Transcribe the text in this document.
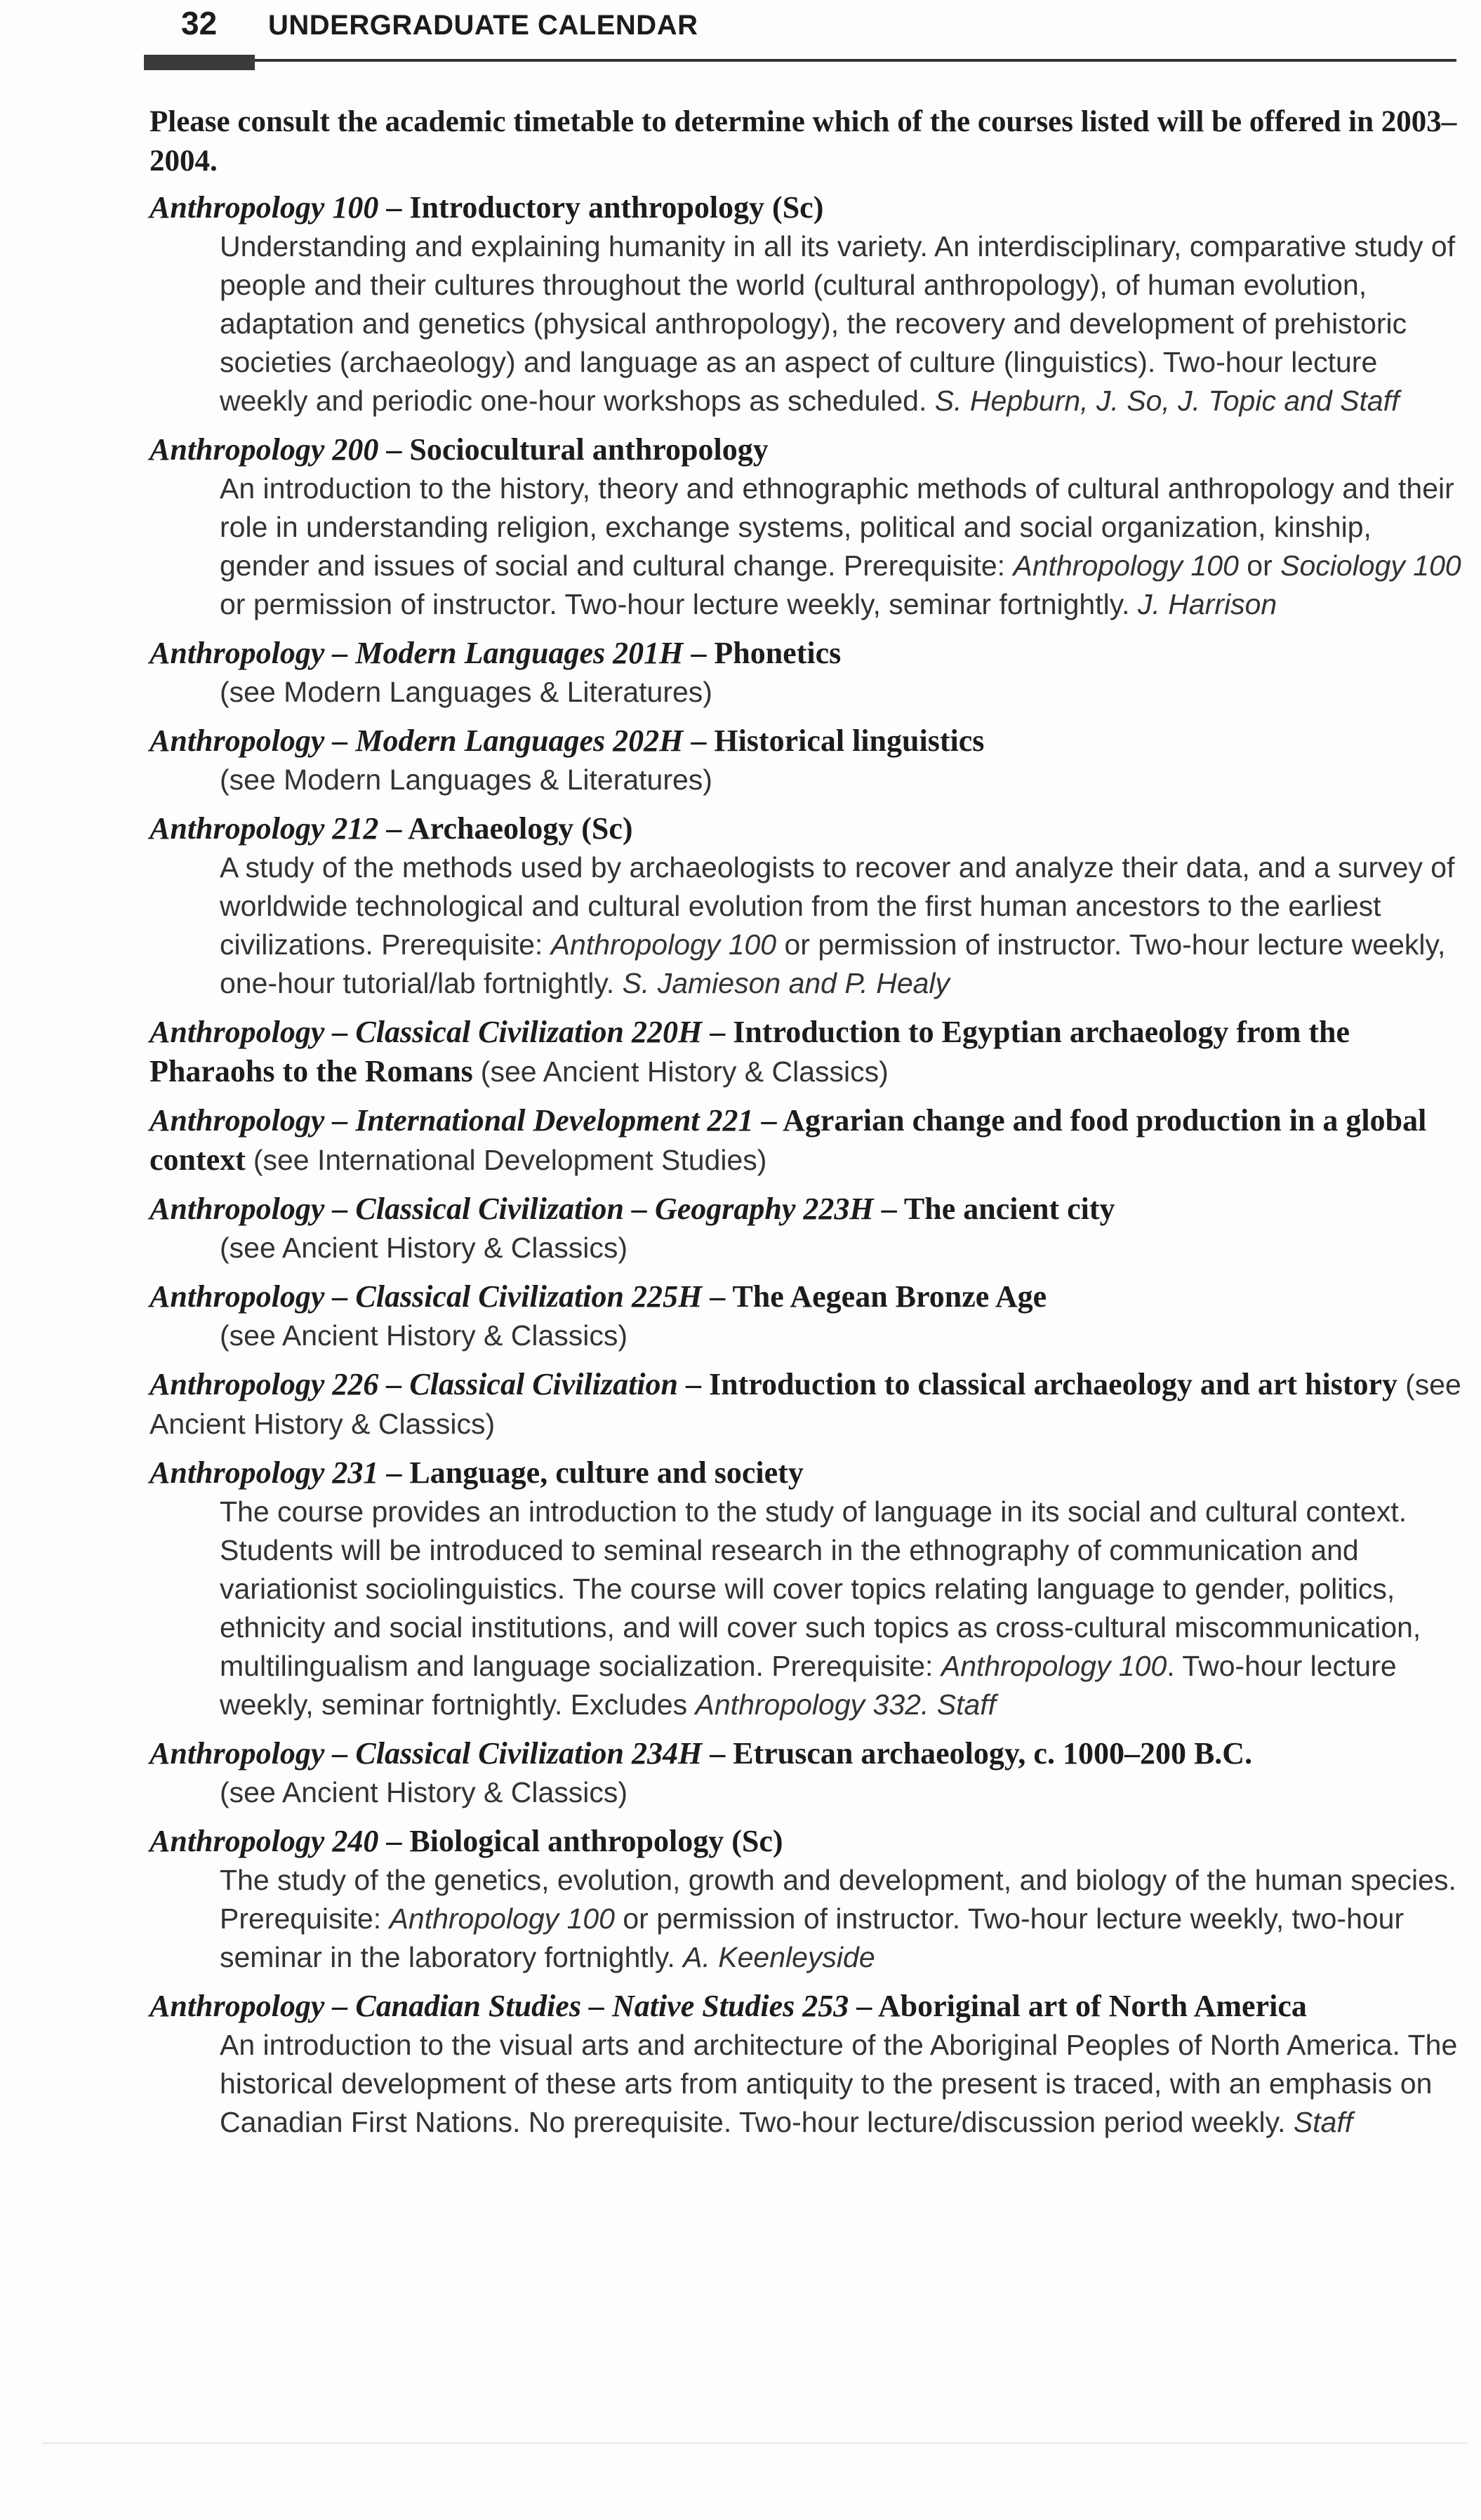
32 UNDERGRADUATE CALENDAR

Please consult the academic timetable to determine which of the courses listed will be offered in 2003–2004.

Anthropology 100 – Introductory anthropology (Sc)
Understanding and explaining humanity in all its variety. An interdisciplinary, comparative study of people and their cultures throughout the world (cultural anthropology), of human evolution, adaptation and genetics (physical anthropology), the recovery and development of prehistoric societies (archaeology) and language as an aspect of culture (linguistics). Two-hour lecture weekly and periodic one-hour workshops as scheduled. S. Hepburn, J. So, J. Topic and Staff
Anthropology 200 – Sociocultural anthropology
An introduction to the history, theory and ethnographic methods of cultural anthropology and their role in understanding religion, exchange systems, political and social organization, kinship, gender and issues of social and cultural change. Prerequisite: Anthropology 100 or Sociology 100 or permission of instructor. Two-hour lecture weekly, seminar fortnightly. J. Harrison
Anthropology – Modern Languages 201H – Phonetics
(see Modern Languages & Literatures)
Anthropology – Modern Languages 202H – Historical linguistics
(see Modern Languages & Literatures)
Anthropology 212 – Archaeology (Sc)
A study of the methods used by archaeologists to recover and analyze their data, and a survey of worldwide technological and cultural evolution from the first human ancestors to the earliest civilizations. Prerequisite: Anthropology 100 or permission of instructor. Two-hour lecture weekly, one-hour tutorial/lab fortnightly. S. Jamieson and P. Healy
Anthropology – Classical Civilization 220H – Introduction to Egyptian archaeology from the Pharaohs to the Romans (see Ancient History & Classics)
Anthropology – International Development 221 – Agrarian change and food production in a global context (see International Development Studies)
Anthropology – Classical Civilization – Geography 223H – The ancient city
(see Ancient History & Classics)
Anthropology – Classical Civilization 225H – The Aegean Bronze Age
(see Ancient History & Classics)
Anthropology 226 – Classical Civilization – Introduction to classical archaeology and art history (see Ancient History & Classics)
Anthropology 231 – Language, culture and society
The course provides an introduction to the study of language in its social and cultural context. Students will be introduced to seminal research in the ethnography of communication and variationist sociolinguistics. The course will cover topics relating language to gender, politics, ethnicity and social institutions, and will cover such topics as cross-cultural miscommunication, multilingualism and language socialization. Prerequisite: Anthropology 100. Two-hour lecture weekly, seminar fortnightly. Excludes Anthropology 332. Staff
Anthropology – Classical Civilization 234H – Etruscan archaeology, c. 1000–200 B.C.
(see Ancient History & Classics)
Anthropology 240 – Biological anthropology (Sc)
The study of the genetics, evolution, growth and development, and biology of the human species. Prerequisite: Anthropology 100 or permission of instructor. Two-hour lecture weekly, two-hour seminar in the laboratory fortnightly. A. Keenleyside
Anthropology – Canadian Studies – Native Studies 253 – Aboriginal art of North America
An introduction to the visual arts and architecture of the Aboriginal Peoples of North America. The historical development of these arts from antiquity to the present is traced, with an emphasis on Canadian First Nations. No prerequisite. Two-hour lecture/discussion period weekly. Staff
